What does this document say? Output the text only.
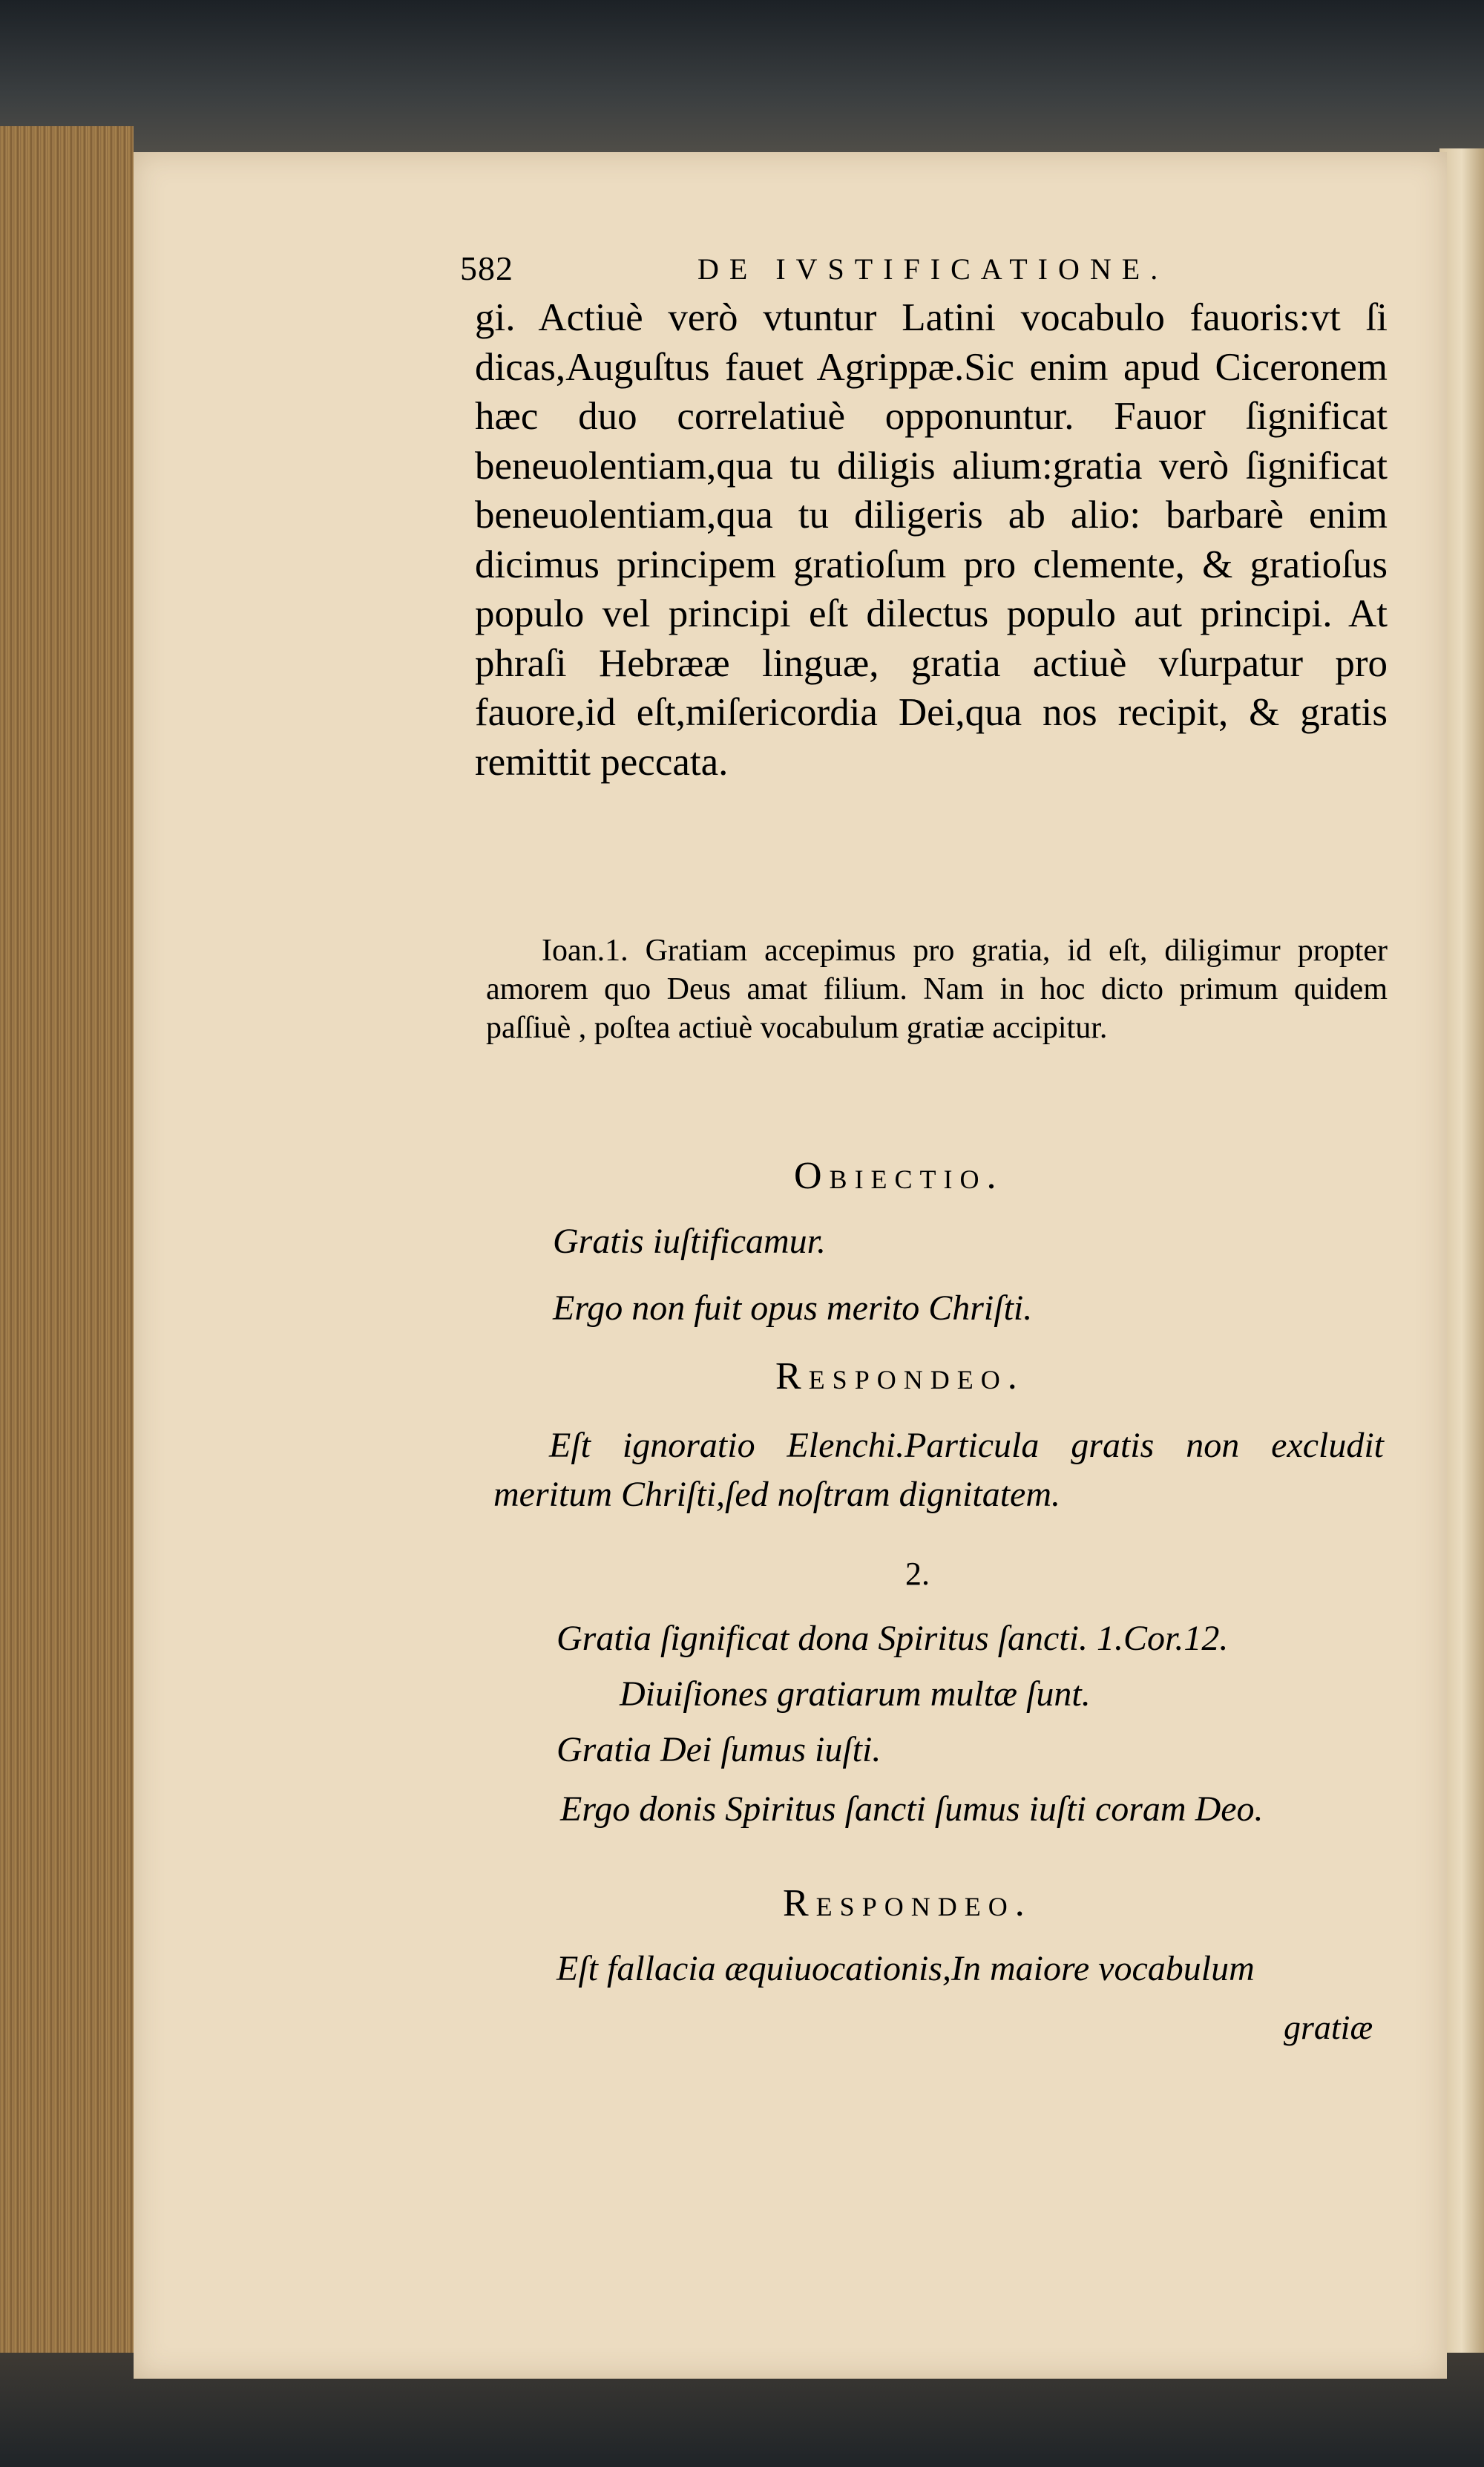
582	DE IVSTIFICATIONE.

gi. Actiuè verò vtuntur Latini vocabulo fauoris:vt ſi dicas,Auguſtus fauet Agrippæ.Sic enim apud Ciceronem hæc duo correlatiuè opponuntur. Fauor ſignificat beneuolentiam,qua tu diligis alium:gratia verò ſignificat beneuolentiam,qua tu diligeris ab alio: barbarè enim dicimus principem gratioſum pro clemente, & gratioſus populo vel principi eſt dilectus populo aut principi. At phraſi Hebrææ linguæ, gratia actiuè vſurpatur pro fauore,id eſt,miſericordia Dei,qua nos recipit, & gratis remittit peccata.

Ioan.1. Gratiam accepimus pro gratia, id eſt, diligimur propter amorem quo Deus amat filium. Nam in hoc dicto primum quidem paſſiuè , poſtea actiuè vocabulum gratiæ accipitur.

Obiectio.

Gratis iuſtificamur.

Ergo non fuit opus merito Chriſti.

Respondeo.

Eſt ignoratio Elenchi.Particula gratis non excludit meritum Chriſti,ſed noſtram dignitatem.

2.

Gratia ſignificat dona Spiritus ſancti. 1.Cor.12.

Diuiſiones gratiarum multæ ſunt.

Gratia Dei ſumus iuſti.

Ergo donis Spiritus ſancti ſumus iuſti coram Deo.

Respondeo.

Eſt fallacia æquiuocationis,In maiore vocabulum

gratiæ
